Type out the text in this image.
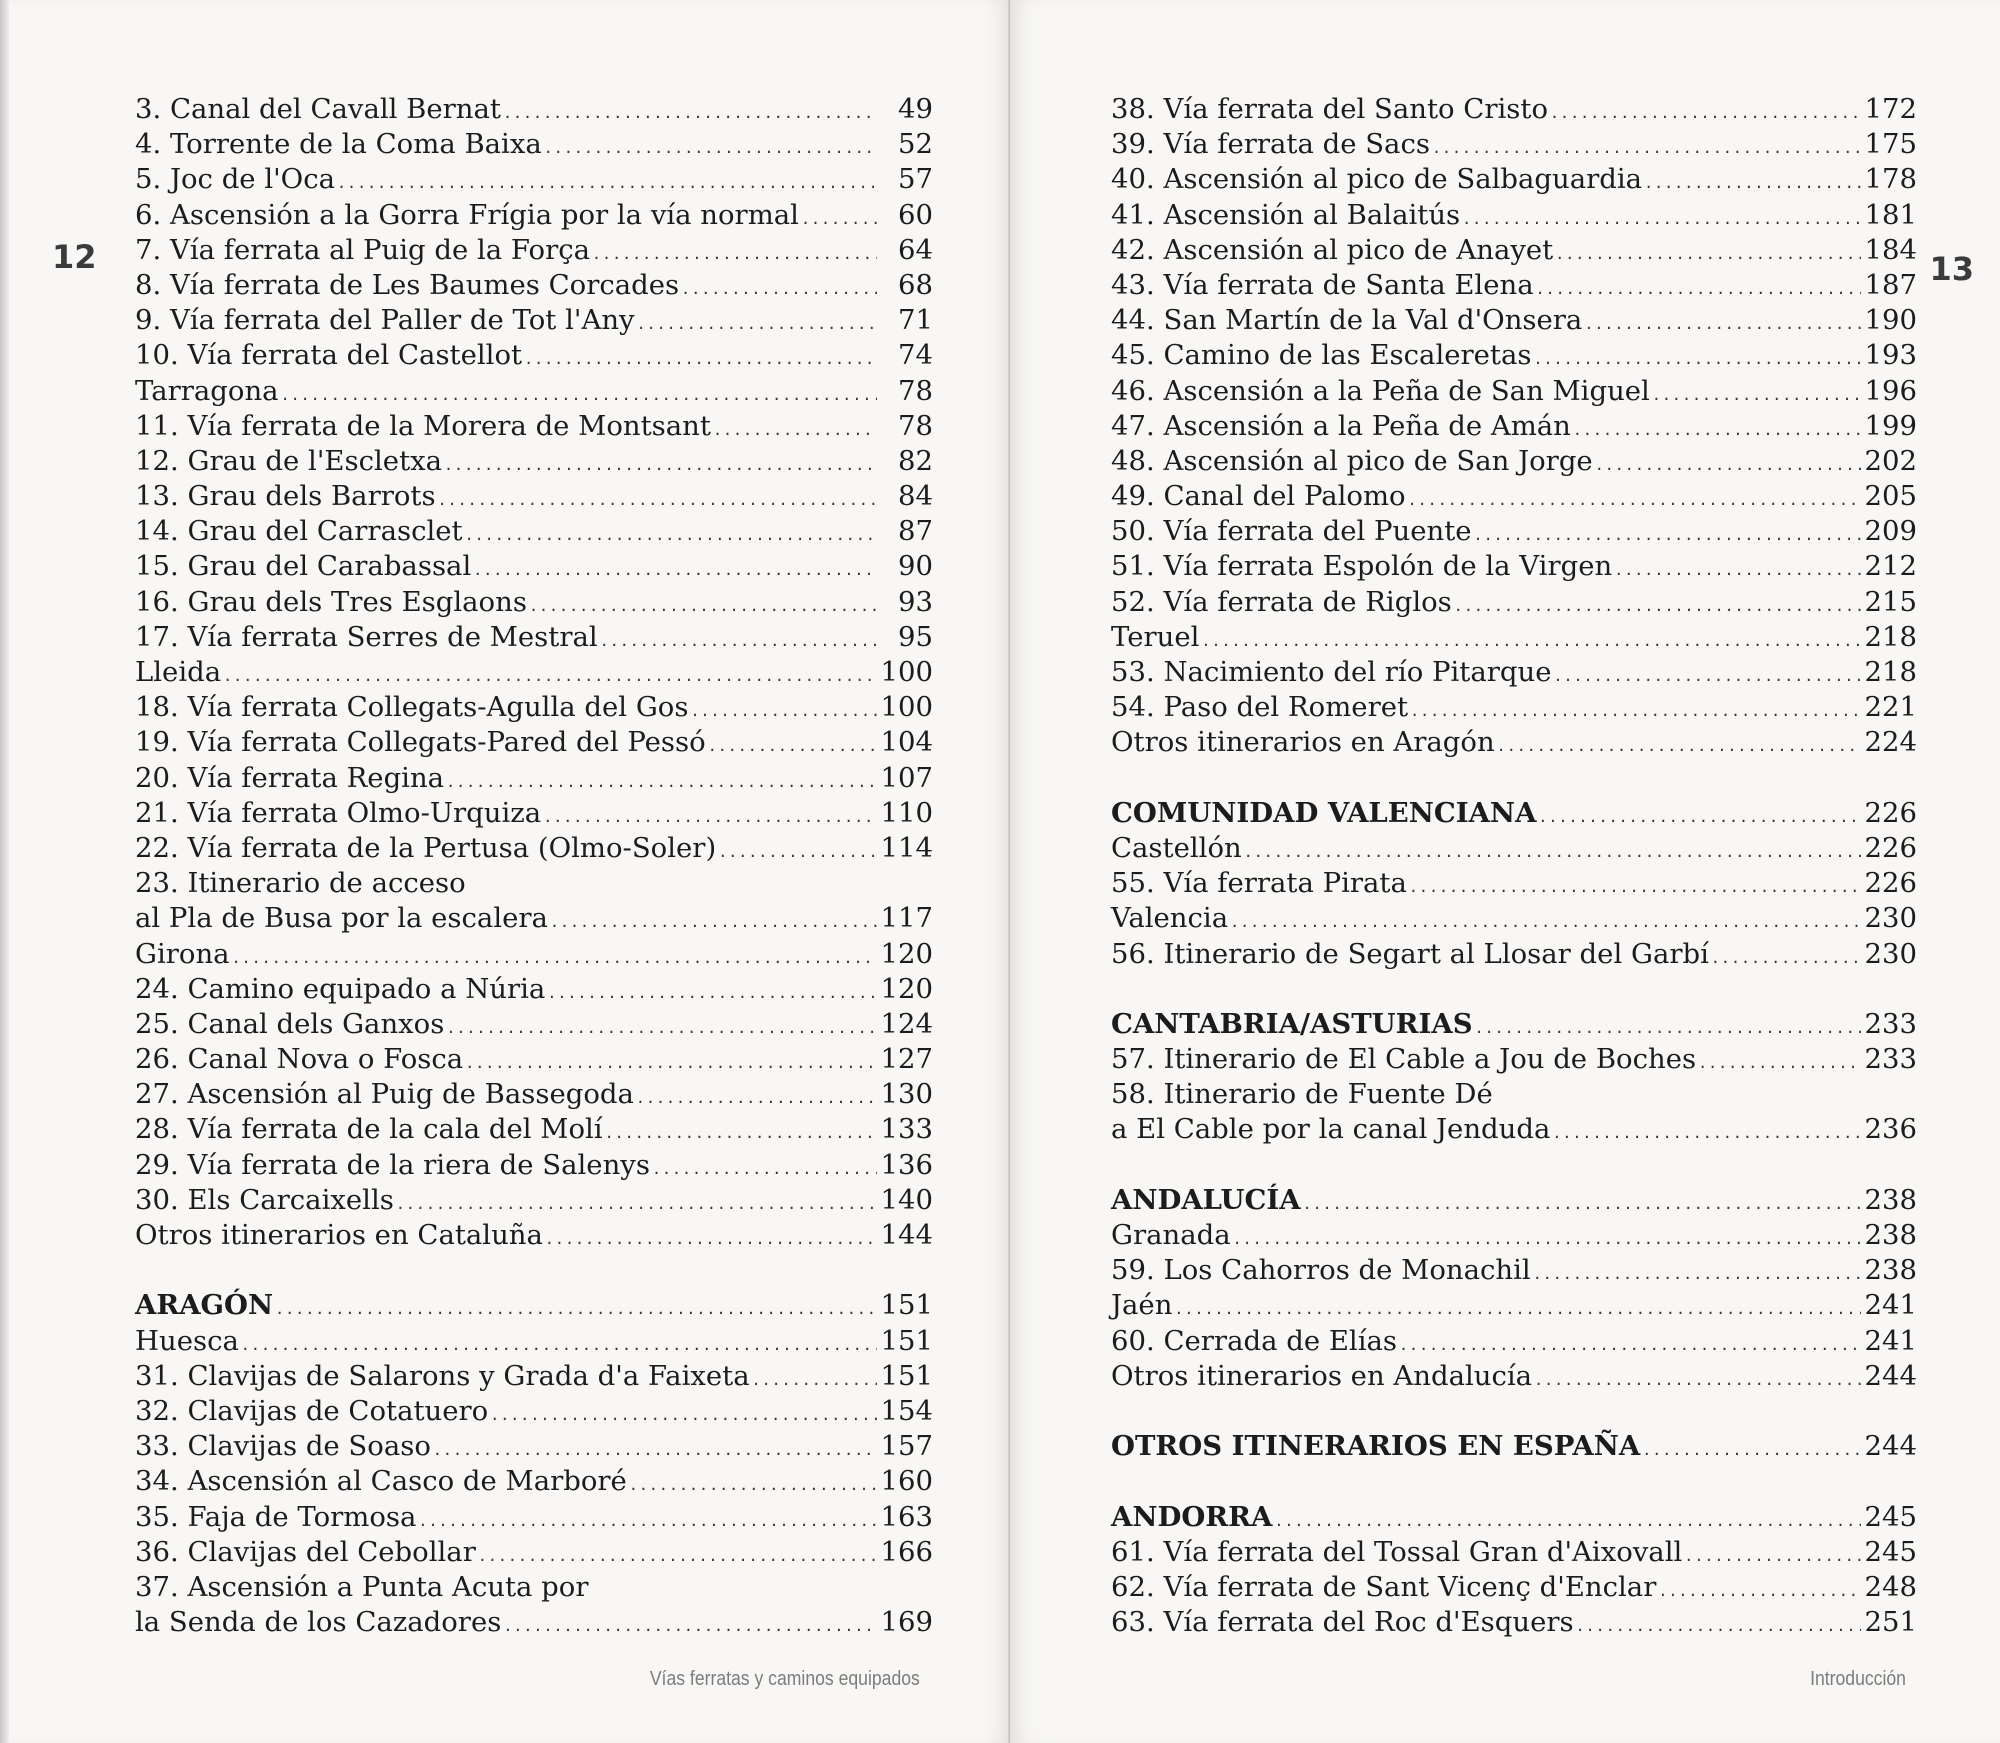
12
3. Canal del Cavall Bernat .....	49
4. Torrente de la Coma Baixa .....	52
5. Joc de l'Oca .....	57
6. Ascensión a la Gorra Frígia por la vía normal .....	60
7. Vía ferrata al Puig de la Força .....	64
8. Vía ferrata de Les Baumes Corcades .....	68
9. Vía ferrata del Paller de Tot l'Any .....	71
10. Vía ferrata del Castellot .....	74
Tarragona .....	78
11. Vía ferrata de la Morera de Montsant .....	78
12. Grau de l'Escletxa .....	82
13. Grau dels Barrots .....	84
14. Grau del Carrasclet .....	87
15. Grau del Carabassal .....	90
16. Grau dels Tres Esglaons .....	93
17. Vía ferrata Serres de Mestral .....	95
Lleida .....	100
18. Vía ferrata Collegats-Agulla del Gos .....	100
19. Vía ferrata Collegats-Pared del Pessó .....	104
20. Vía ferrata Regina .....	107
21. Vía ferrata Olmo-Urquiza .....	110
22. Vía ferrata de la Pertusa (Olmo-Soler) .....	114
23. Itinerario de acceso
al Pla de Busa por la escalera .....	117
Girona .....	120
24. Camino equipado a Núria .....	120
25. Canal dels Ganxos .....	124
26. Canal Nova o Fosca .....	127
27. Ascensión al Puig de Bassegoda .....	130
28. Vía ferrata de la cala del Molí .....	133
29. Vía ferrata de la riera de Salenys .....	136
30. Els Carcaixells .....	140
Otros itinerarios en Cataluña .....	144
ARAGÓN .....	151
Huesca .....	151
31. Clavijas de Salarons y Grada d'a Faixeta .....	151
32. Clavijas de Cotatuero .....	154
33. Clavijas de Soaso .....	157
34. Ascensión al Casco de Marboré .....	160
35. Faja de Tormosa .....	163
36. Clavijas del Cebollar .....	166
37. Ascensión a Punta Acuta por
la Senda de los Cazadores .....	169
Vías ferratas y caminos equipados
13
38. Vía ferrata del Santo Cristo .....	172
39. Vía ferrata de Sacs .....	175
40. Ascensión al pico de Salbaguardia .....	178
41. Ascensión al Balaitús .....	181
42. Ascensión al pico de Anayet .....	184
43. Vía ferrata de Santa Elena .....	187
44. San Martín de la Val d'Onsera .....	190
45. Camino de las Escaleretas .....	193
46. Ascensión a la Peña de San Miguel .....	196
47. Ascensión a la Peña de Amán .....	199
48. Ascensión al pico de San Jorge .....	202
49. Canal del Palomo .....	205
50. Vía ferrata del Puente .....	209
51. Vía ferrata Espolón de la Virgen .....	212
52. Vía ferrata de Riglos .....	215
Teruel .....	218
53. Nacimiento del río Pitarque .....	218
54. Paso del Romeret .....	221
Otros itinerarios en Aragón .....	224
COMUNIDAD VALENCIANA .....	226
Castellón .....	226
55. Vía ferrata Pirata .....	226
Valencia .....	230
56. Itinerario de Segart al Llosar del Garbí .....	230
CANTABRIA/ASTURIAS .....	233
57. Itinerario de El Cable a Jou de Boches .....	233
58. Itinerario de Fuente Dé
a El Cable por la canal Jenduda .....	236
ANDALUCÍA .....	238
Granada .....	238
59. Los Cahorros de Monachil .....	238
Jaén .....	241
60. Cerrada de Elías .....	241
Otros itinerarios en Andalucía .....	244
OTROS ITINERARIOS EN ESPAÑA .....	244
ANDORRA .....	245
61. Vía ferrata del Tossal Gran d'Aixovall .....	245
62. Vía ferrata de Sant Vicenç d'Enclar .....	248
63. Vía ferrata del Roc d'Esquers .....	251
Introducción
